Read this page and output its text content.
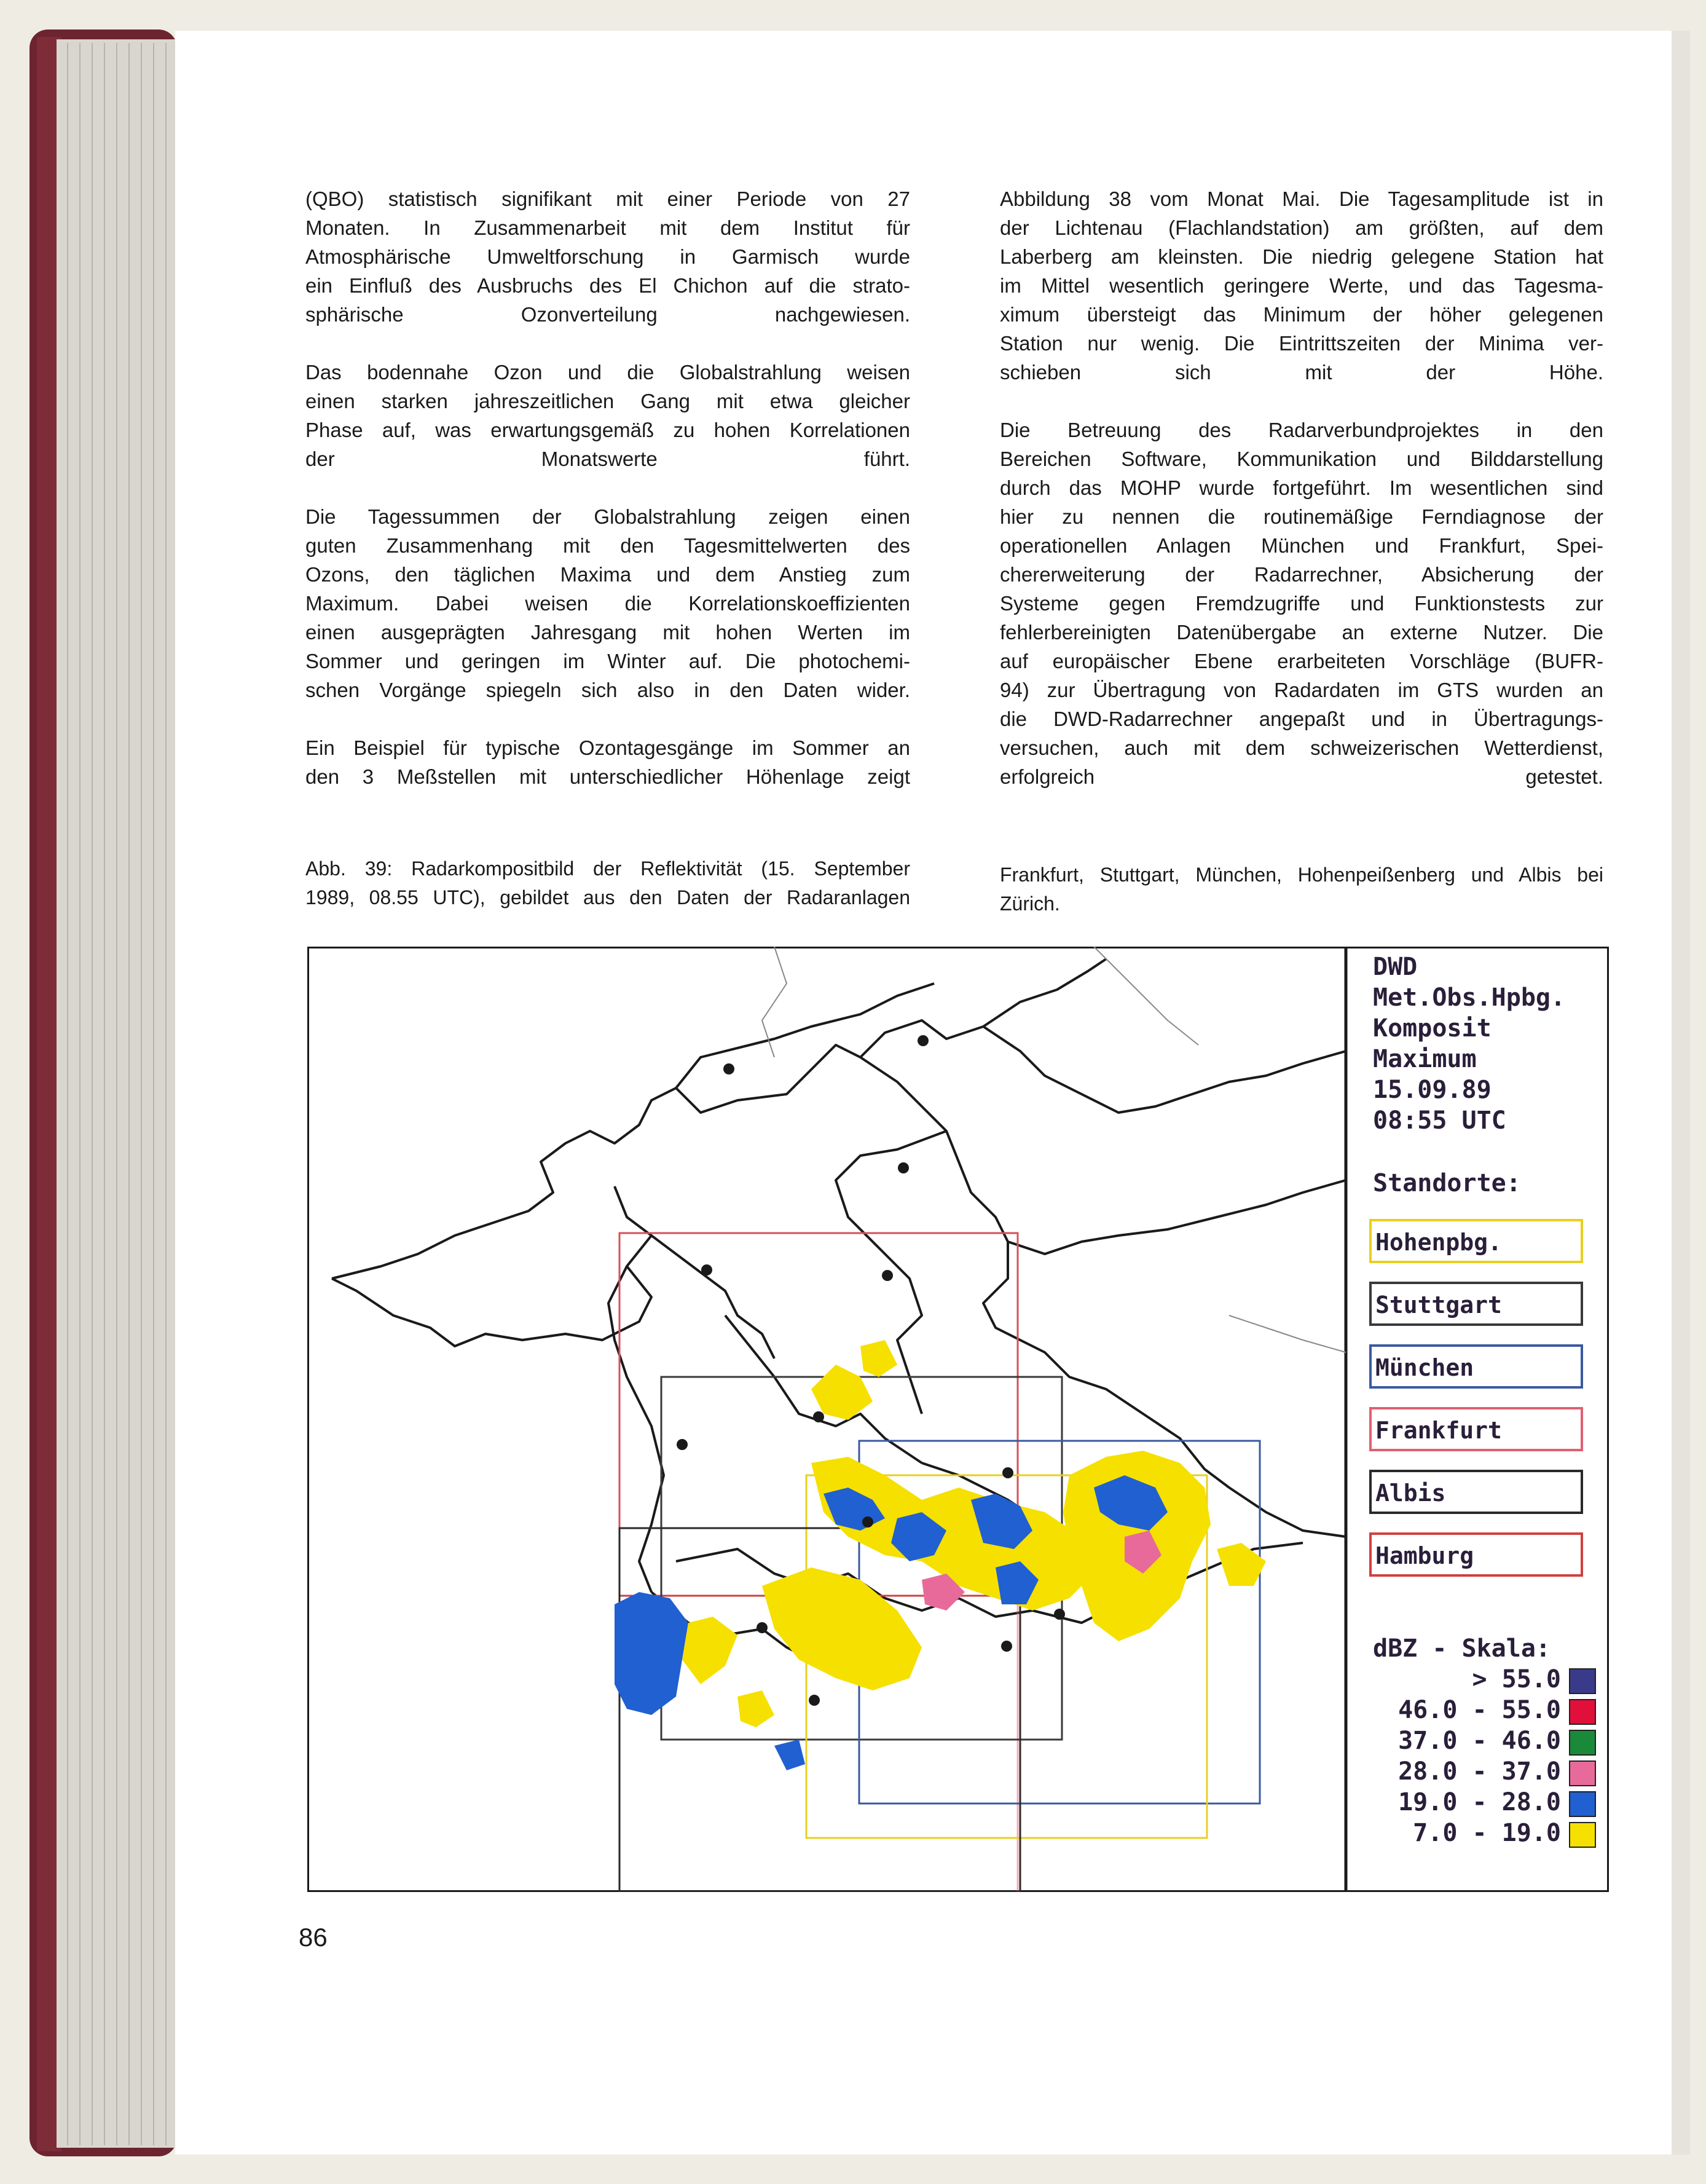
(QBO) statistisch signifikant mit einer Periode von 27
Monaten. In Zusammenarbeit mit dem Institut für
Atmosphärische Umweltforschung in Garmisch wurde
ein Einfluß des Ausbruchs des El Chichon auf die strato-
sphärische Ozonverteilung nachgewiesen.
Das bodennahe Ozon und die Globalstrahlung weisen
einen starken jahreszeitlichen Gang mit etwa gleicher
Phase auf, was erwartungsgemäß zu hohen Korrelationen
der Monatswerte führt.
Die Tagessummen der Globalstrahlung zeigen einen
guten Zusammenhang mit den Tagesmittelwerten des
Ozons, den täglichen Maxima und dem Anstieg zum
Maximum. Dabei weisen die Korrelationskoeffizienten
einen ausgeprägten Jahresgang mit hohen Werten im
Sommer und geringen im Winter auf. Die photochemi-
schen Vorgänge spiegeln sich also in den Daten wider.
Ein Beispiel für typische Ozontagesgänge im Sommer an
den 3 Meßstellen mit unterschiedlicher Höhenlage zeigt
Abbildung 38 vom Monat Mai. Die Tagesamplitude ist in
der Lichtenau (Flachlandstation) am größten, auf dem
Laberberg am kleinsten. Die niedrig gelegene Station hat
im Mittel wesentlich geringere Werte, und das Tagesma-
ximum übersteigt das Minimum der höher gelegenen
Station nur wenig. Die Eintrittszeiten der Minima ver-
schieben sich mit der Höhe.
Die Betreuung des Radarverbundprojektes in den
Bereichen Software, Kommunikation und Bilddarstellung
durch das MOHP wurde fortgeführt. Im wesentlichen sind
hier zu nennen die routinemäßige Ferndiagnose der
operationellen Anlagen München und Frankfurt, Spei-
chererweiterung der Radarrechner, Absicherung der
Systeme gegen Fremdzugriffe und Funktionstests zur
fehlerbereinigten Datenübergabe an externe Nutzer. Die
auf europäischer Ebene erarbeiteten Vorschläge (BUFR-
94) zur Übertragung von Radardaten im GTS wurden an
die DWD-Radarrechner angepaßt und in Übertragungs-
versuchen, auch mit dem schweizerischen Wetterdienst,
erfolgreich getestet.
Abb. 39: Radarkompositbild der Reflektivität (15. September
1989, 08.55 UTC), gebildet aus den Daten der Radaranlagen
Frankfurt, Stuttgart, München, Hohenpeißenberg und Albis bei
Zürich.
DWD
Met.Obs.Hpbg.
Komposit
Maximum
15.09.89
08:55 UTC
Standorte:
Hohenpbg.
Stuttgart
München
Frankfurt
Albis
Hamburg
dBZ - Skala:
> 55.0
46.0 - 55.0
37.0 - 46.0
28.0 - 37.0
19.0 - 28.0
7.0 - 19.0
86
